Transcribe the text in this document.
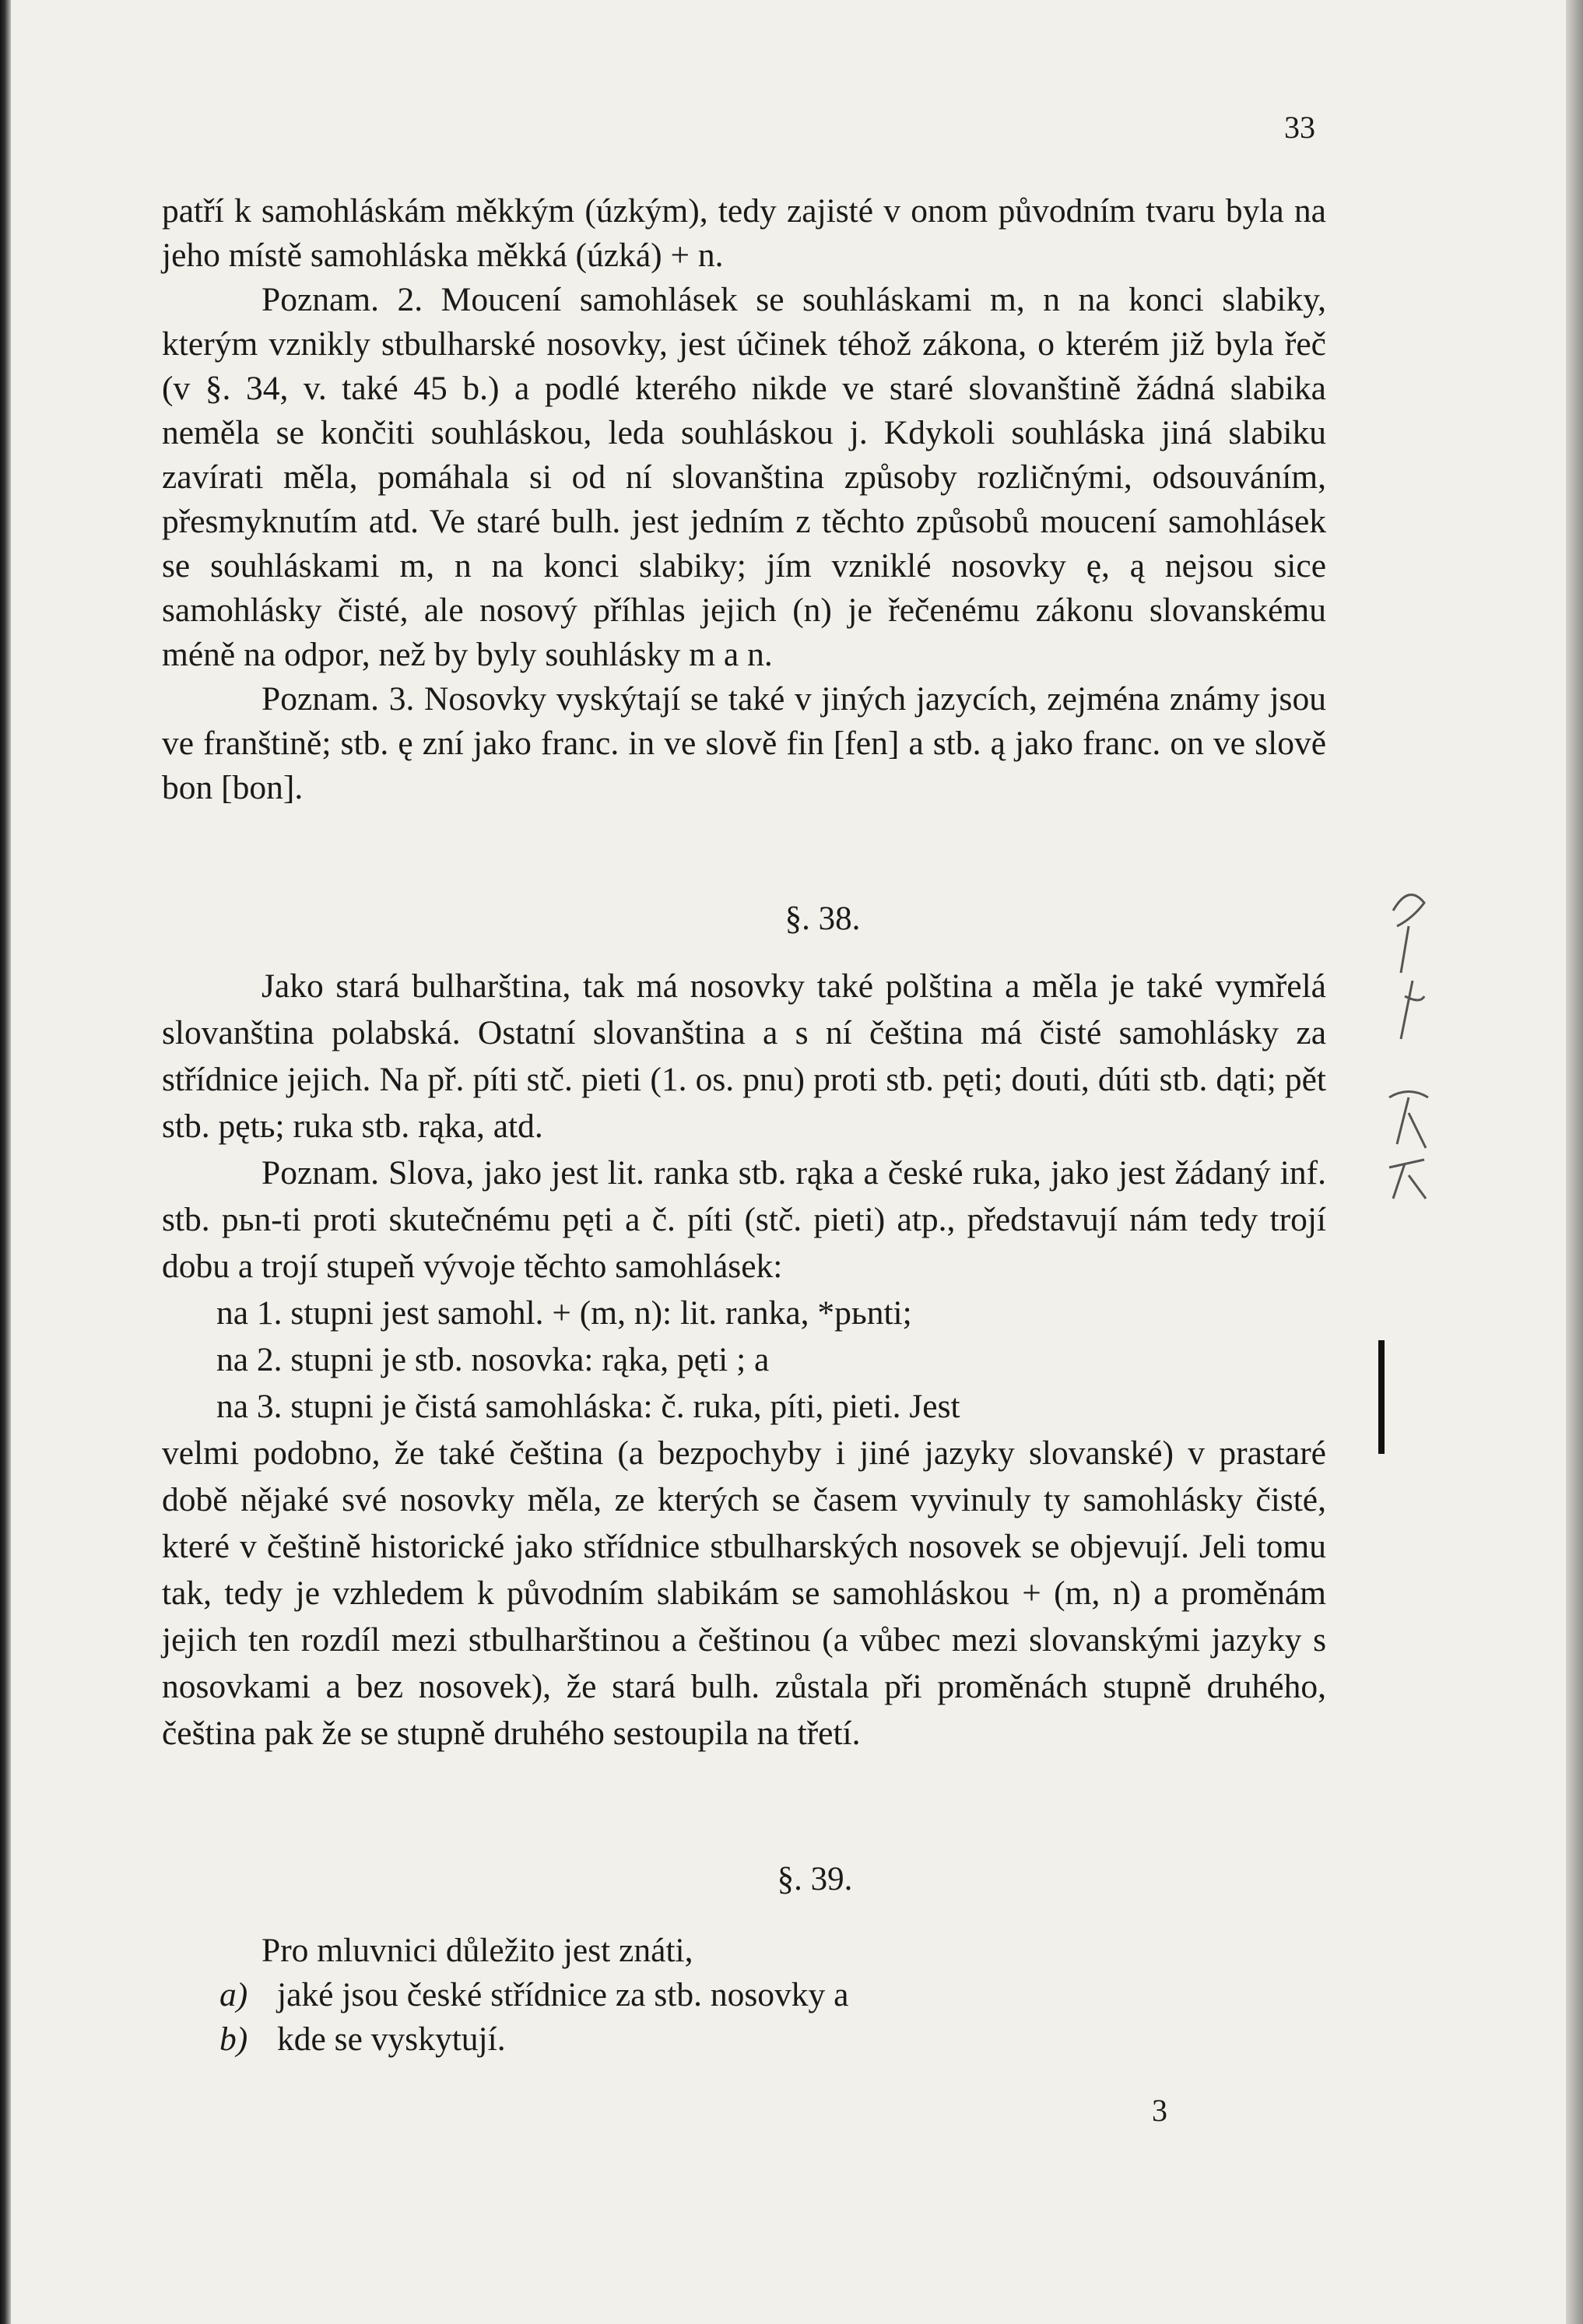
33

patří k samohláskám měkkým (úzkým), tedy zajisté v onom původním tvaru byla na jeho místě samohláska měkká (úzká) + n.

Poznam. 2. Moucení samohlásek se souhláskami m, n na konci slabiky, kterým vznikly stbulharské nosovky, jest účinek téhož zákona, o kterém již byla řeč (v §. 34, v. také 45 b.) a podlé kterého nikde ve staré slovanštině žádná slabika neměla se končiti souhláskou, leda souhláskou j. Kdykoli souhláska jiná slabiku zavírati měla, pomáhala si od ní slovanština způsoby rozličnými, odsouváním, přesmyknutím atd. Ve staré bulh. jest jedním z těchto způsobů moucení samohlásek se souhláskami m, n na konci slabiky; jím vzniklé nosovky ę, ą nejsou sice samohlásky čisté, ale nosový příhlas jejich (n) je řečenému zákonu slovanskému méně na odpor, než by byly souhlásky m a n.

Poznam. 3. Nosovky vyskýtají se také v jiných jazycích, zejména známy jsou ve franštině; stb. ę zní jako franc. in ve slově fin [fen] a stb. ą jako franc. on ve slově bon [bon].

§. 38.

Jako stará bulharština, tak má nosovky také polština a měla je také vymřelá slovanština polabská. Ostatní slovanština a s ní čeština má čisté samohlásky za střídnice jejich. Na př. píti stč. pieti (1. os. pnu) proti stb. pęti; douti, dúti stb. dąti; pět stb. pętь; ruka stb. rąka, atd.

Poznam. Slova, jako jest lit. ranka stb. rąka a české ruka, jako jest žádaný inf. stb. pьn-ti proti skutečnému pęti a č. píti (stč. pieti) atp., představují nám tedy trojí dobu a trojí stupeň vývoje těchto samohlásek:

na 1. stupni jest samohl. + (m, n): lit. ranka, *pьnti;
na 2. stupni je stb. nosovka: rąka, pęti ; a
na 3. stupni je čistá samohláska: č. ruka, píti, pieti. Jest

velmi podobno, že také čeština (a bezpochyby i jiné jazyky slovanské) v prastaré době nějaké své nosovky měla, ze kterých se časem vyvinuly ty samohlásky čisté, které v češtině historické jako střídnice stbulharských nosovek se objevují. Jeli tomu tak, tedy je vzhledem k původním slabikám se samohláskou + (m, n) a proměnám jejich ten rozdíl mezi stbulharštinou a češtinou (a vůbec mezi slovanskými jazyky s nosovkami a bez nosovek), že stará bulh. zůstala při proměnách stupně druhého, čeština pak že se stupně druhého sestoupila na třetí.

§. 39.

Pro mluvnici důležito jest znáti,

a) jaké jsou české střídnice za stb. nosovky a
b) kde se vyskytují.
3
